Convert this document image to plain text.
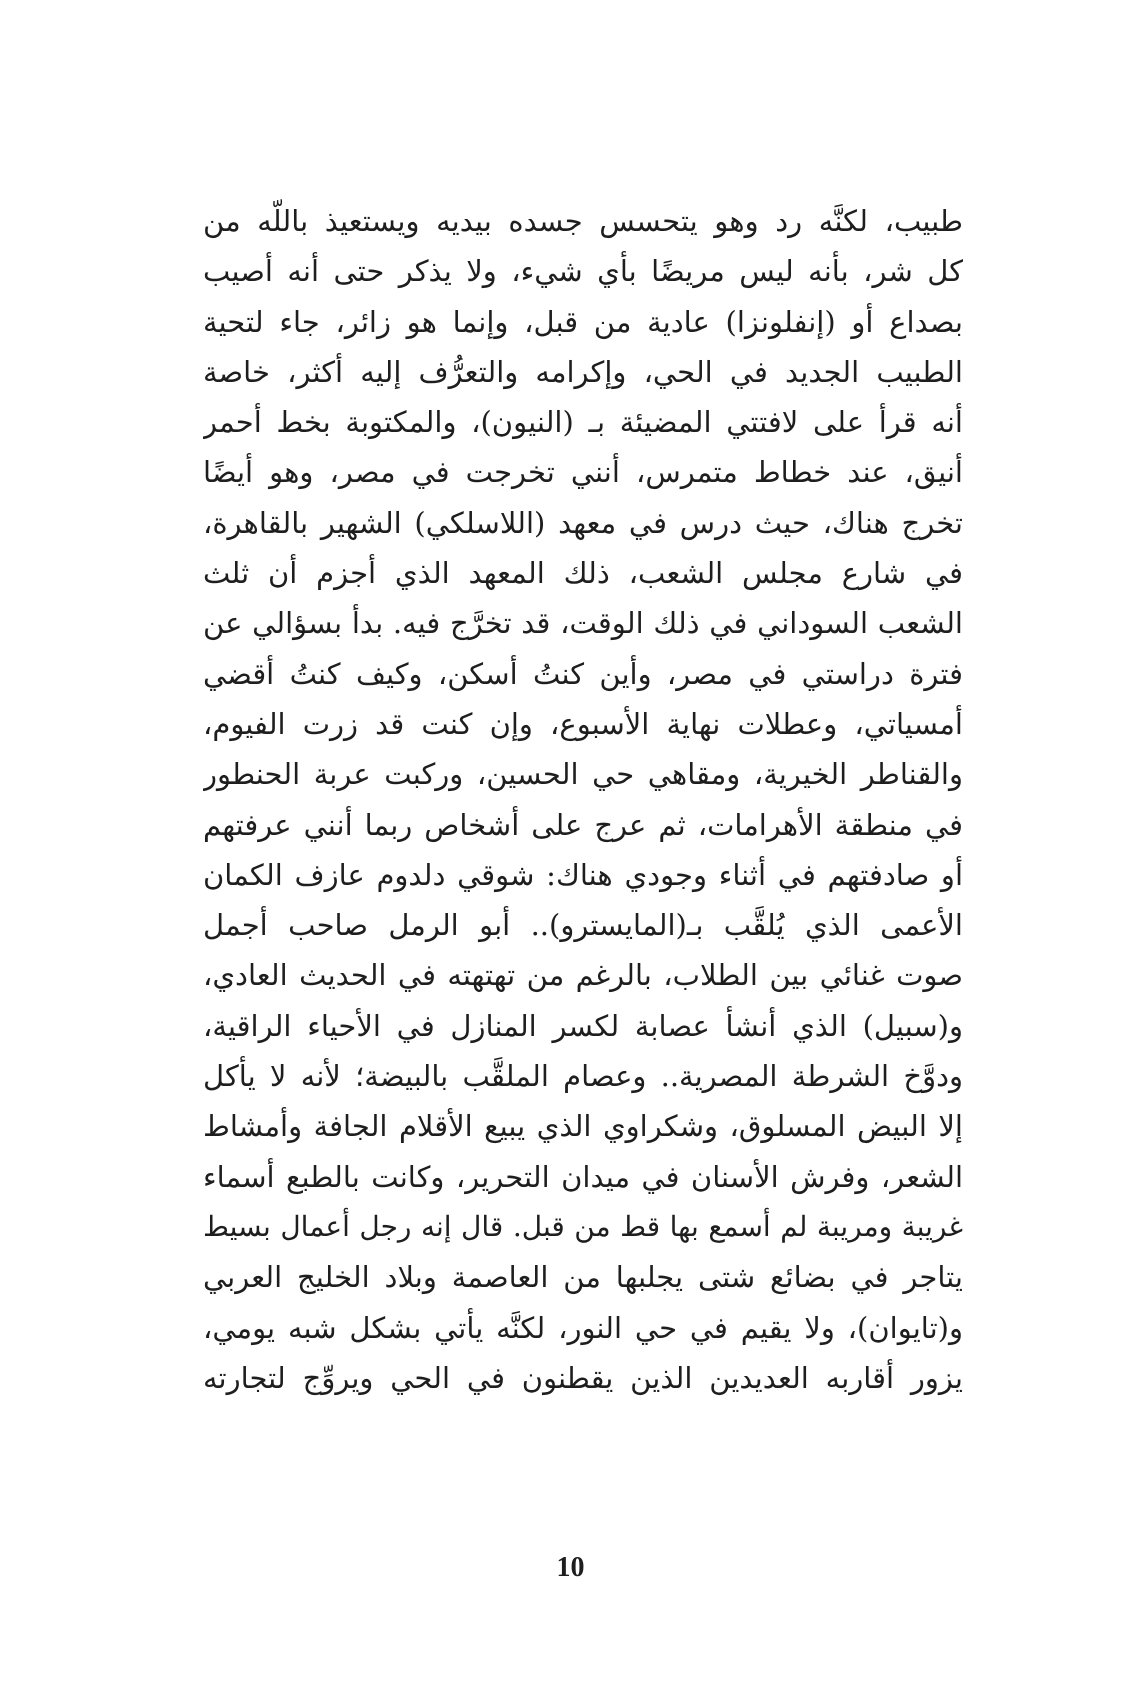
طبيب، لكنَّه رد وهو يتحسس جسده بيديه ويستعيذ باللّه من
كل شر، بأنه ليس مريضًا بأي شيء، ولا يذكر حتى أنه أصيب
بصداع أو (إنفلونزا) عادية من قبل، وإنما هو زائر، جاء لتحية
الطبيب الجديد في الحي، وإكرامه والتعرُّف إليه أكثر، خاصة
أنه قرأ على لافتتي المضيئة بـ (النيون)، والمكتوبة بخط أحمر
أنيق، عند خطاط متمرس، أنني تخرجت في مصر، وهو أيضًا
تخرج هناك، حيث درس في معهد (اللاسلكي) الشهير بالقاهرة،
في شارع مجلس الشعب، ذلك المعهد الذي أجزم أن ثلث
الشعب السوداني في ذلك الوقت، قد تخرَّج فيه. بدأ بسؤالي عن
فترة دراستي في مصر، وأين كنتُ أسكن، وكيف كنتُ أقضي
أمسياتي، وعطلات نهاية الأسبوع، وإن كنت قد زرت الفيوم،
والقناطر الخيرية، ومقاهي حي الحسين، وركبت عربة الحنطور
في منطقة الأهرامات، ثم عرج على أشخاص ربما أنني عرفتهم
أو صادفتهم في أثناء وجودي هناك: شوقي دلدوم عازف الكمان
الأعمى الذي يُلقَّب بـ(المايسترو).. أبو الرمل صاحب أجمل
صوت غنائي بين الطلاب، بالرغم من تهتهته في الحديث العادي،
و(سبيل) الذي أنشأ عصابة لكسر المنازل في الأحياء الراقية،
ودوَّخ الشرطة المصرية.. وعصام الملقَّب بالبيضة؛ لأنه لا يأكل
إلا البيض المسلوق، وشكراوي الذي يبيع الأقلام الجافة وأمشاط
الشعر، وفرش الأسنان في ميدان التحرير، وكانت بالطبع أسماء
غريبة ومريبة لم أسمع بها قط من قبل. قال إنه رجل أعمال بسيط
يتاجر في بضائع شتى يجلبها من العاصمة وبلاد الخليج العربي
و(تايوان)، ولا يقيم في حي النور، لكنَّه يأتي بشكل شبه يومي،
يزور أقاربه العديدين الذين يقطنون في الحي ويروِّج لتجارته
10
